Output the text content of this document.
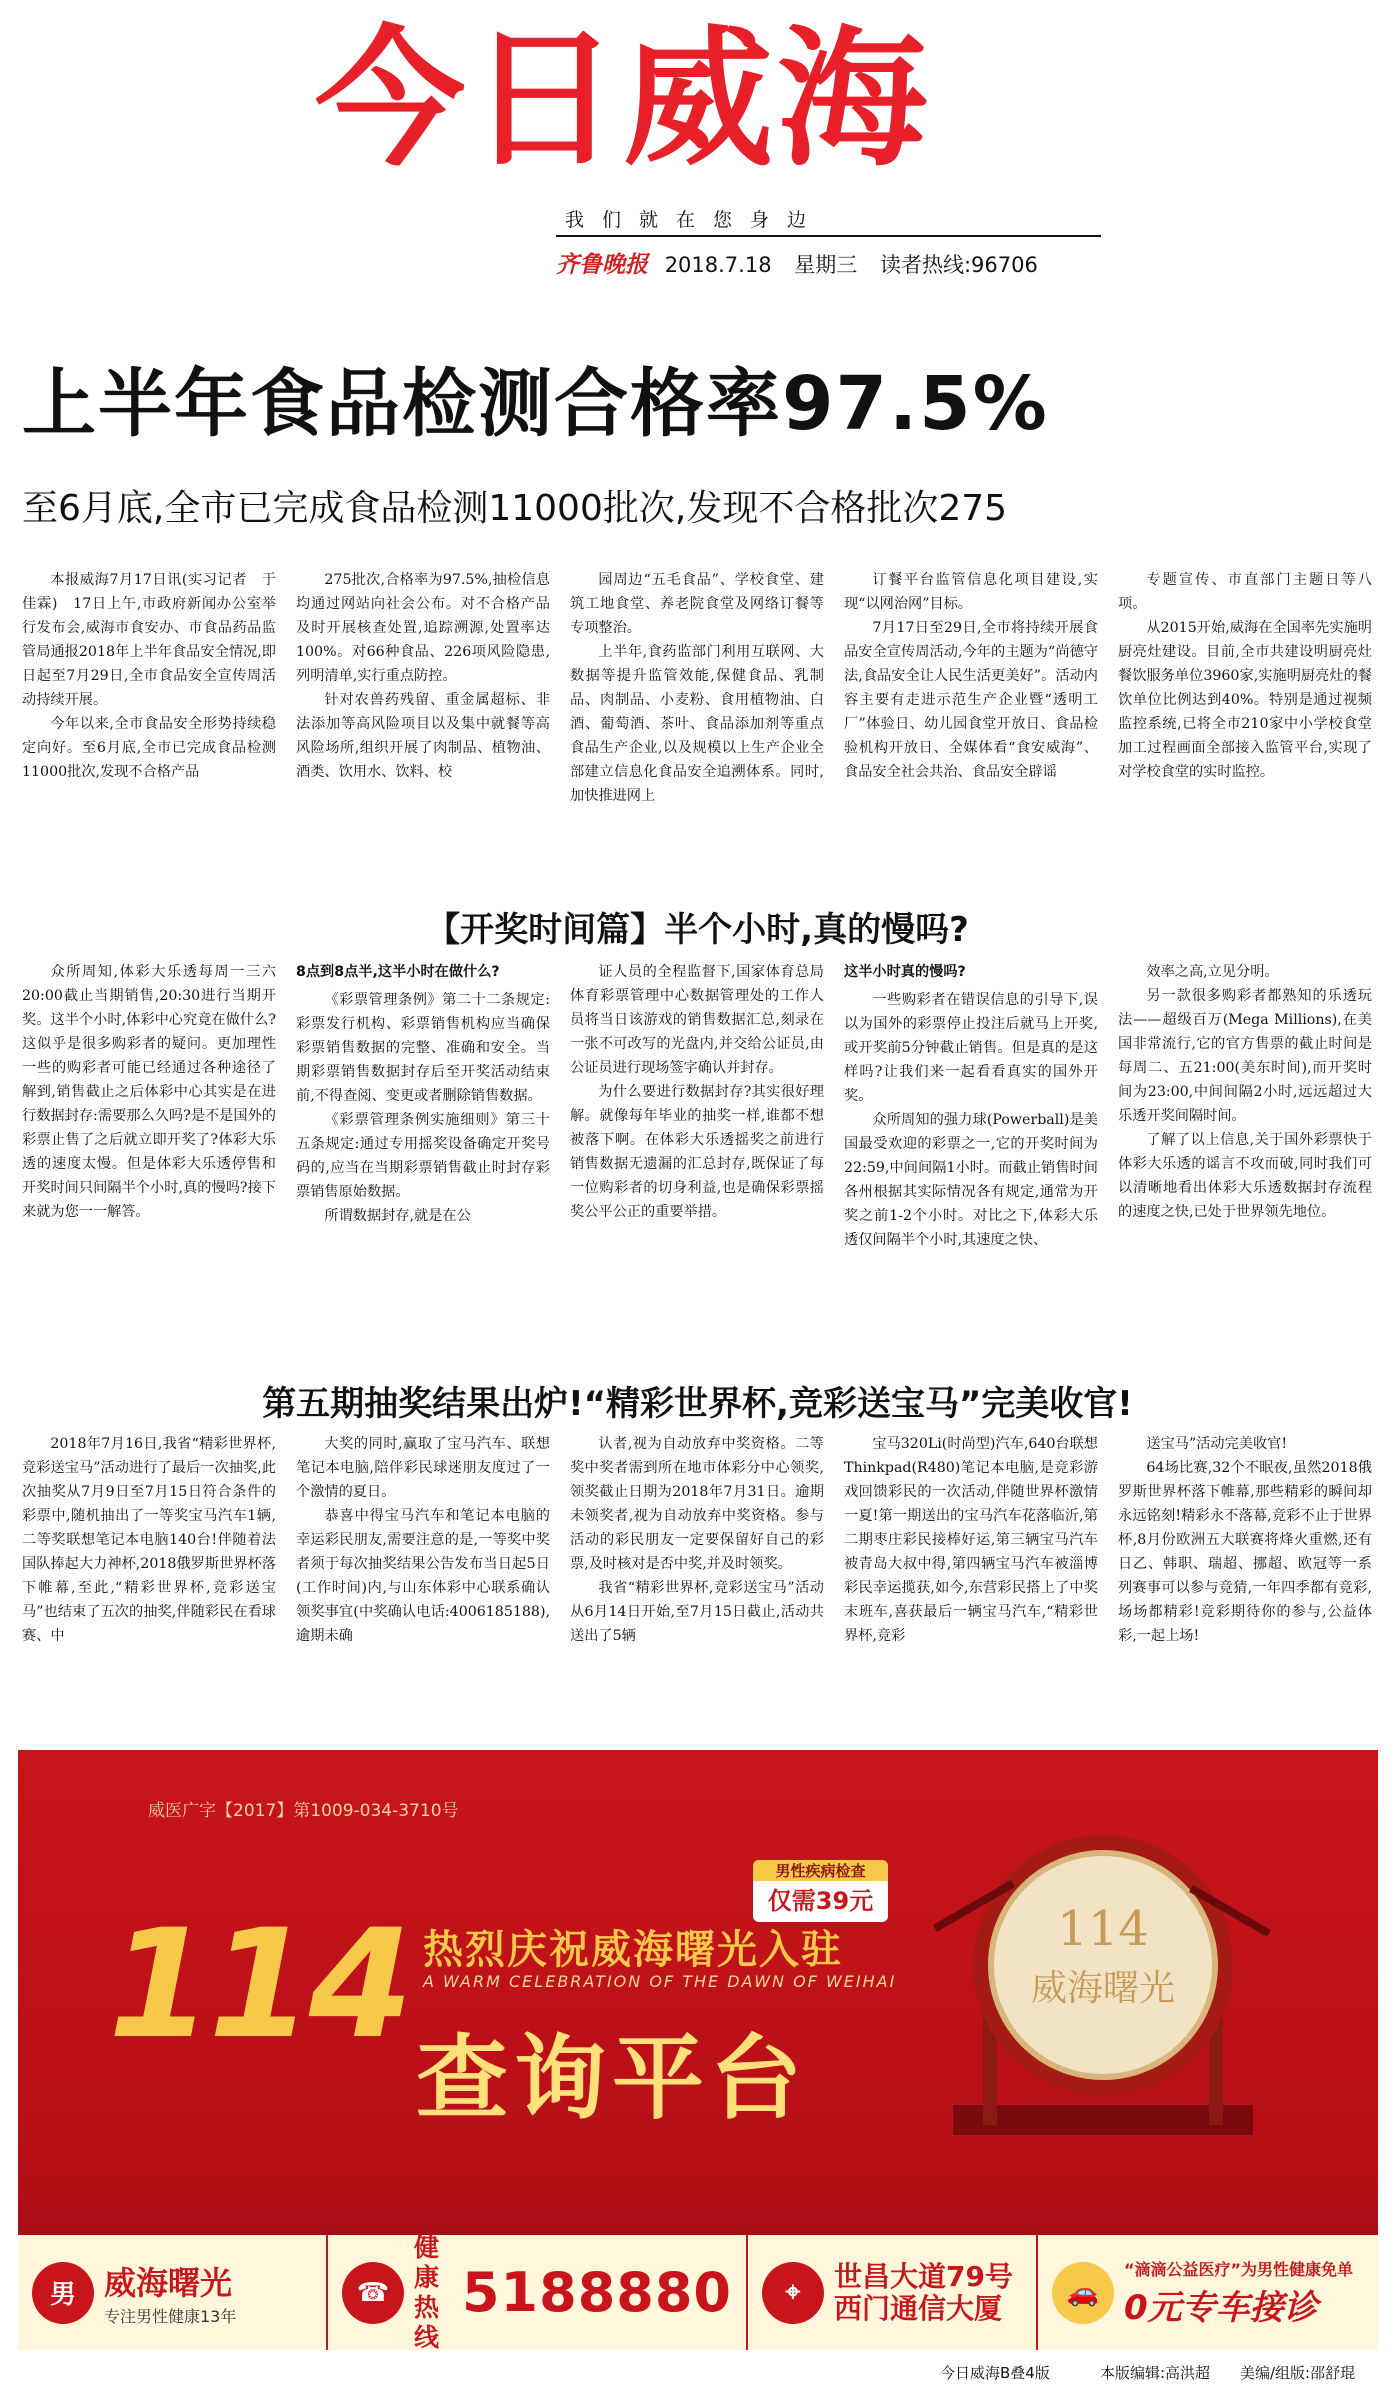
今日威海
我们就在您身边
齐鲁晚报 2018.7.18 星期三 读者热线:96706
上半年食品检测合格率97.5%
至6月底,全市已完成食品检测11000批次,发现不合格批次275

本报威海7月17日讯(实习记者　于佳霖)　17日上午,市政府新闻办公室举行发布会,威海市食安办、市食品药品监管局通报2018年上半年食品安全情况,即日起至7月29日,全市食品安全宣传周活动持续开展。

今年以来,全市食品安全形势持续稳定向好。至6月底,全市已完成食品检测11000批次,发现不合格产品

275批次,合格率为97.5%,抽检信息均通过网站向社会公布。对不合格产品及时开展核查处置,追踪溯源,处置率达100%。对66种食品、226项风险隐患,列明清单,实行重点防控。

针对农兽药残留、重金属超标、非法添加等高风险项目以及集中就餐等高风险场所,组织开展了肉制品、植物油、酒类、饮用水、饮料、校

园周边“五毛食品”、学校食堂、建筑工地食堂、养老院食堂及网络订餐等专项整治。

上半年,食药监部门利用互联网、大数据等提升监管效能,保健食品、乳制品、肉制品、小麦粉、食用植物油、白酒、葡萄酒、茶叶、食品添加剂等重点食品生产企业,以及规模以上生产企业全部建立信息化食品安全追溯体系。同时,加快推进网上

订餐平台监管信息化项目建设,实现“以网治网”目标。

7月17日至29日,全市将持续开展食品安全宣传周活动,今年的主题为“尚德守法,食品安全让人民生活更美好”。活动内容主要有走进示范生产企业暨“透明工厂”体验日、幼儿园食堂开放日、食品检验机构开放日、全媒体看“食安威海”、食品安全社会共治、食品安全辟谣

专题宣传、市直部门主题日等八项。

从2015开始,威海在全国率先实施明厨亮灶建设。目前,全市共建设明厨亮灶餐饮服务单位3960家,实施明厨亮灶的餐饮单位比例达到40%。特别是通过视频监控系统,已将全市210家中小学校食堂加工过程画面全部接入监管平台,实现了对学校食堂的实时监控。

【开奖时间篇】半个小时,真的慢吗?

众所周知,体彩大乐透每周一三六20:00截止当期销售,20:30进行当期开奖。这半个小时,体彩中心究竟在做什么?这似乎是很多购彩者的疑问。更加理性一些的购彩者可能已经通过各种途径了解到,销售截止之后体彩中心其实是在进行数据封存:需要那么久吗?是不是国外的彩票止售了之后就立即开奖了?体彩大乐透的速度太慢。但是体彩大乐透停售和开奖时间只间隔半个小时,真的慢吗?接下来就为您一一解答。

8点到8点半,这半小时在做什么?

《彩票管理条例》第二十二条规定:彩票发行机构、彩票销售机构应当确保彩票销售数据的完整、准确和安全。当期彩票销售数据封存后至开奖活动结束前,不得查阅、变更或者删除销售数据。

《彩票管理条例实施细则》第三十五条规定:通过专用摇奖设备确定开奖号码的,应当在当期彩票销售截止时封存彩票销售原始数据。

所谓数据封存,就是在公

证人员的全程监督下,国家体育总局体育彩票管理中心数据管理处的工作人员将当日该游戏的销售数据汇总,刻录在一张不可改写的光盘内,并交给公证员,由公证员进行现场签字确认并封存。

为什么要进行数据封存?其实很好理解。就像每年毕业的抽奖一样,谁都不想被落下啊。在体彩大乐透摇奖之前进行销售数据无遗漏的汇总封存,既保证了每一位购彩者的切身利益,也是确保彩票摇奖公平公正的重要举措。

这半小时真的慢吗?

一些购彩者在错误信息的引导下,误以为国外的彩票停止投注后就马上开奖,或开奖前5分钟截止销售。但是真的是这样吗?让我们来一起看看真实的国外开奖。

众所周知的强力球(Powerball)是美国最受欢迎的彩票之一,它的开奖时间为22:59,中间间隔1小时。而截止销售时间各州根据其实际情况各有规定,通常为开奖之前1-2个小时。对比之下,体彩大乐透仅间隔半个小时,其速度之快、

效率之高,立见分明。

另一款很多购彩者都熟知的乐透玩法——超级百万(Mega Millions),在美国非常流行,它的官方售票的截止时间是每周二、五21:00(美东时间),而开奖时间为23:00,中间间隔2小时,远远超过大乐透开奖间隔时间。

了解了以上信息,关于国外彩票快于体彩大乐透的谣言不攻而破,同时我们可以清晰地看出体彩大乐透数据封存流程的速度之快,已处于世界领先地位。

第五期抽奖结果出炉!“精彩世界杯,竞彩送宝马”完美收官!

2018年7月16日,我省“精彩世界杯,竞彩送宝马”活动进行了最后一次抽奖,此次抽奖从7月9日至7月15日符合条件的彩票中,随机抽出了一等奖宝马汽车1辆,二等奖联想笔记本电脑140台!伴随着法国队捧起大力神杯,2018俄罗斯世界杯落下帷幕,至此,“精彩世界杯,竞彩送宝马”也结束了五次的抽奖,伴随彩民在看球赛、中

大奖的同时,赢取了宝马汽车、联想笔记本电脑,陪伴彩民球迷朋友度过了一个激情的夏日。

恭喜中得宝马汽车和笔记本电脑的幸运彩民朋友,需要注意的是,一等奖中奖者须于每次抽奖结果公告发布当日起5日(工作时间)内,与山东体彩中心联系确认领奖事宜(中奖确认电话:4006185188),逾期未确

认者,视为自动放弃中奖资格。二等奖中奖者需到所在地市体彩分中心领奖,领奖截止日期为2018年7月31日。逾期未领奖者,视为自动放弃中奖资格。参与活动的彩民朋友一定要保留好自己的彩票,及时核对是否中奖,并及时领奖。

我省“精彩世界杯,竞彩送宝马”活动从6月14日开始,至7月15日截止,活动共送出了5辆

宝马320Li(时尚型)汽车,640台联想Thinkpad(R480)笔记本电脑,是竞彩游戏回馈彩民的一次活动,伴随世界杯激情一夏!第一期送出的宝马汽车花落临沂,第二期枣庄彩民接棒好运,第三辆宝马汽车被青岛大叔中得,第四辆宝马汽车被淄博彩民幸运揽获,如今,东营彩民搭上了中奖末班车,喜获最后一辆宝马汽车,“精彩世界杯,竞彩

送宝马”活动完美收官!

64场比赛,32个不眠夜,虽然2018俄罗斯世界杯落下帷幕,那些精彩的瞬间却永远铭刻!精彩永不落幕,竞彩不止于世界杯,8月份欧洲五大联赛将烽火重燃,还有日乙、韩职、瑞超、挪超、欧冠等一系列赛事可以参与竞猜,一年四季都有竞彩,场场都精彩!竞彩期待你的参与,公益体彩,一起上场!

威医广字【2017】第1009-034-3710号
男性疾病检查
仅需39元
114 热烈庆祝威海曙光入驻
A WARM CELEBRATION OF THE DAWN OF WEIHAI
查询平台
114
威海曙光
男 威海曙光
专注男性健康13年
☎
健康
热线
5188880	⌖	世昌大道79号
西门通信大厦	🚗
“滴滴公益医疗”为男性健康免单
0元专车接诊
今日威海B叠4版	本版编辑:高洪超 美编/组版:邵舒琨
